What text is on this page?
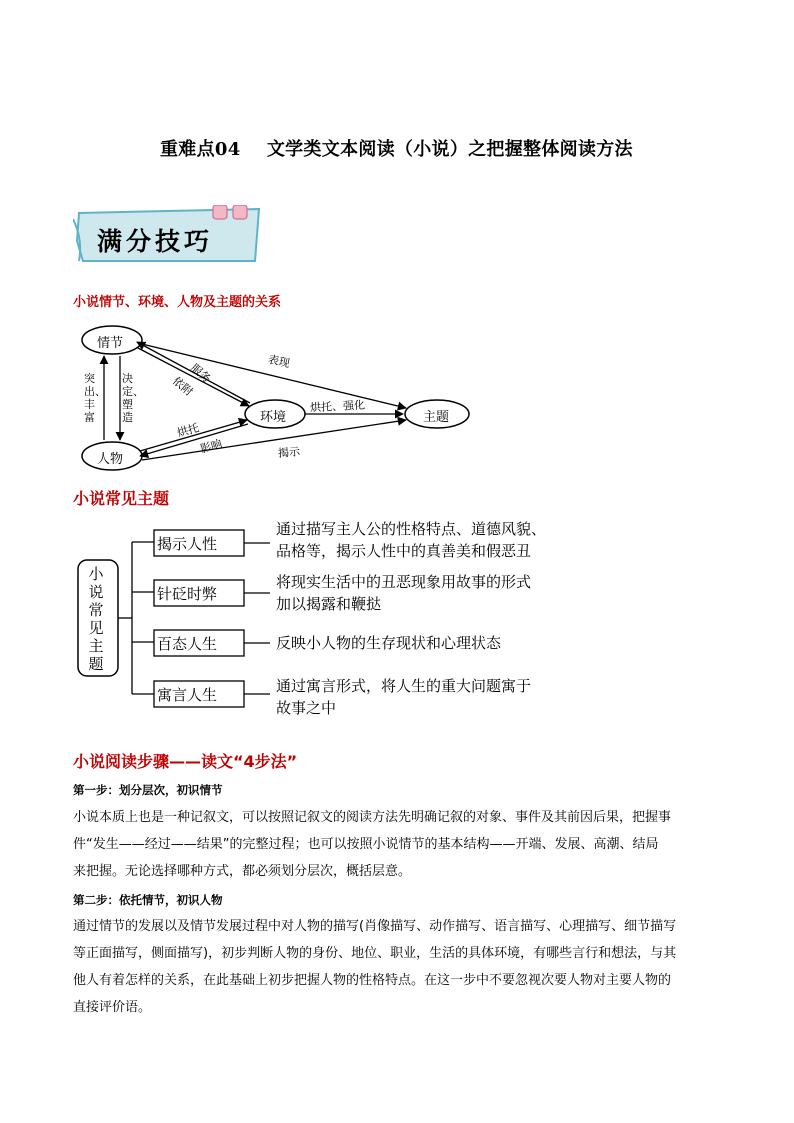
重难点04    文学类文本阅读（小说）之把握整体阅读方法
满分技巧
小说情节、环境、人物及主题的关系
情节
环境
人物
主题
表现
依附
服务
决定、塑造
突出、丰富
烘托、强化
烘托
影响	揭示
小说常见主题
小说常见主题
揭示人性
针砭时弊
百态人生
寓言人生
通过描写主人公的性格特点、道德风貌、
品格等，揭示人性中的真善美和假恶丑
将现实生活中的丑恶现象用故事的形式
加以揭露和鞭挞
反映小人物的生存现状和心理状态
通过寓言形式，将人生的重大问题寓于
故事之中
小说阅读步骤——读文“4步法”
第一步：划分层次，初识情节
小说本质上也是一种记叙文，可以按照记叙文的阅读方法先明确记叙的对象、事件及其前因后果，把握事
件“发生——经过——结果”的完整过程；也可以按照小说情节的基本结构——开端、发展、高潮、结局
来把握。无论选择哪种方式，都必须划分层次，概括层意。
第二步：依托情节，初识人物
通过情节的发展以及情节发展过程中对人物的描写(肖像描写、动作描写、语言描写、心理描写、细节描写
等正面描写，侧面描写)，初步判断人物的身份、地位、职业，生活的具体环境，有哪些言行和想法，与其
他人有着怎样的关系，在此基础上初步把握人物的性格特点。在这一步中不要忽视次要人物对主要人物的
直接评价语。
